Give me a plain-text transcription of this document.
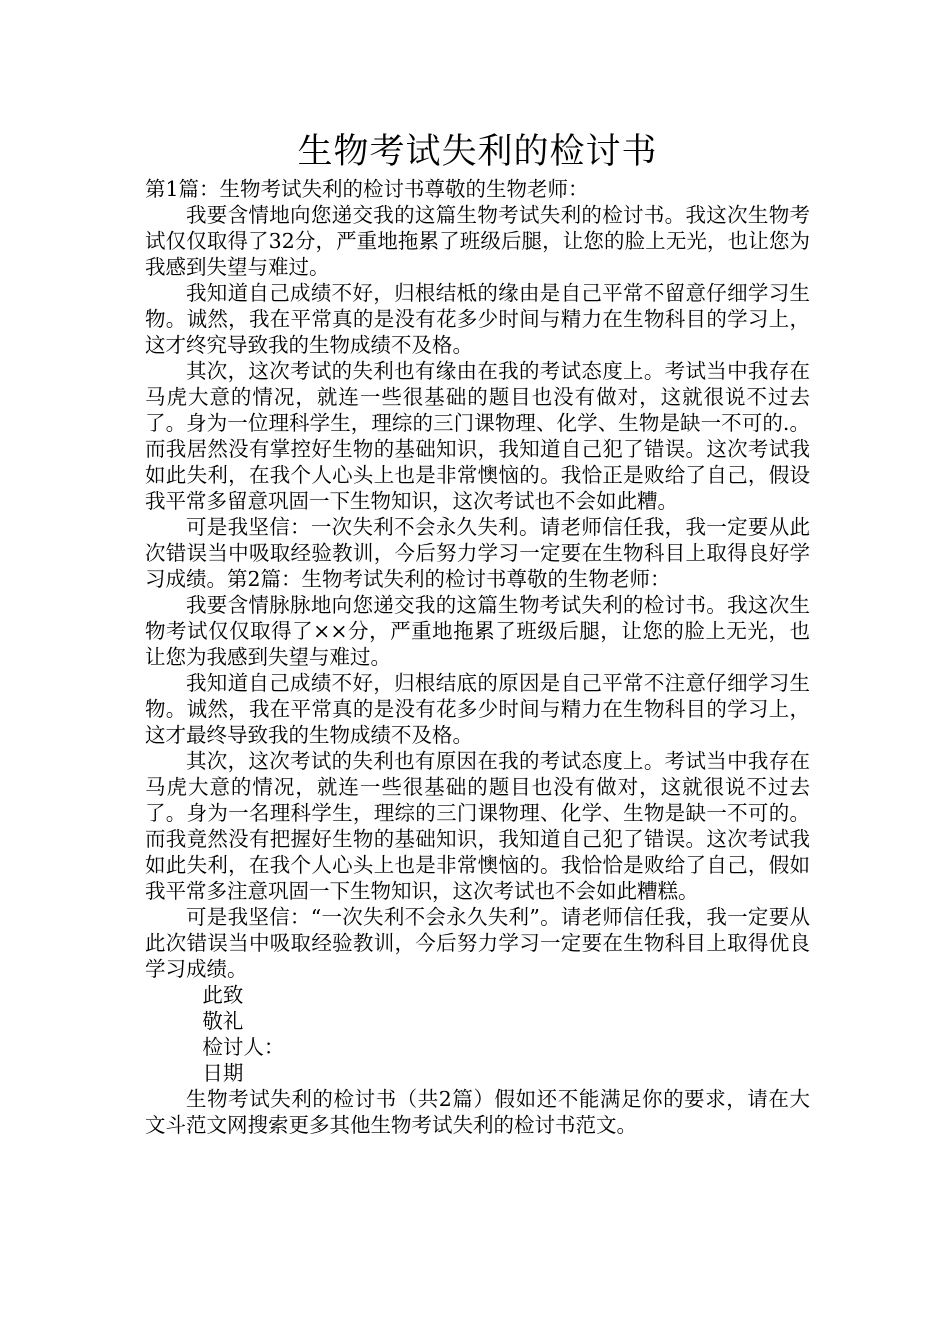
生物考试失利的检讨书

第1篇：生物考试失利的检讨书尊敬的生物老师：

我要含情地向您递交我的这篇生物考试失利的检讨书。我这次生物考试仅仅取得了32分，严重地拖累了班级后腿，让您的脸上无光，也让您为我感到失望与难过。

我知道自己成绩不好，归根结柢的缘由是自己平常不留意仔细学习生物。诚然，我在平常真的是没有花多少时间与精力在生物科目的学习上，这才终究导致我的生物成绩不及格。

其次，这次考试的失利也有缘由在我的考试态度上。考试当中我存在马虎大意的情况，就连一些很基础的题目也没有做对，这就很说不过去了。身为一位理科学生，理综的三门课物理、化学、生物是缺一不可的.。而我居然没有掌控好生物的基础知识，我知道自己犯了错误。这次考试我如此失利，在我个人心头上也是非常懊恼的。我恰正是败给了自己，假设我平常多留意巩固一下生物知识，这次考试也不会如此糟。

可是我坚信：一次失利不会永久失利。请老师信任我，我一定要从此次错误当中吸取经验教训，今后努力学习一定要在生物科目上取得良好学习成绩。第2篇：生物考试失利的检讨书尊敬的生物老师：

我要含情脉脉地向您递交我的这篇生物考试失利的检讨书。我这次生物考试仅仅取得了××分，严重地拖累了班级后腿，让您的脸上无光，也让您为我感到失望与难过。

我知道自己成绩不好，归根结底的原因是自己平常不注意仔细学习生物。诚然，我在平常真的是没有花多少时间与精力在生物科目的学习上，这才最终导致我的生物成绩不及格。

其次，这次考试的失利也有原因在我的考试态度上。考试当中我存在马虎大意的情况，就连一些很基础的题目也没有做对，这就很说不过去了。身为一名理科学生，理综的三门课物理、化学、生物是缺一不可的。而我竟然没有把握好生物的基础知识，我知道自己犯了错误。这次考试我如此失利，在我个人心头上也是非常懊恼的。我恰恰是败给了自己，假如我平常多注意巩固一下生物知识，这次考试也不会如此糟糕。

可是我坚信：“一次失利不会永久失利”。请老师信任我，我一定要从此次错误当中吸取经验教训，今后努力学习一定要在生物科目上取得优良学习成绩。

此致

敬礼

检讨人：

日期

生物考试失利的检讨书（共2篇）假如还不能满足你的要求，请在大文斗范文网搜索更多其他生物考试失利的检讨书范文。
